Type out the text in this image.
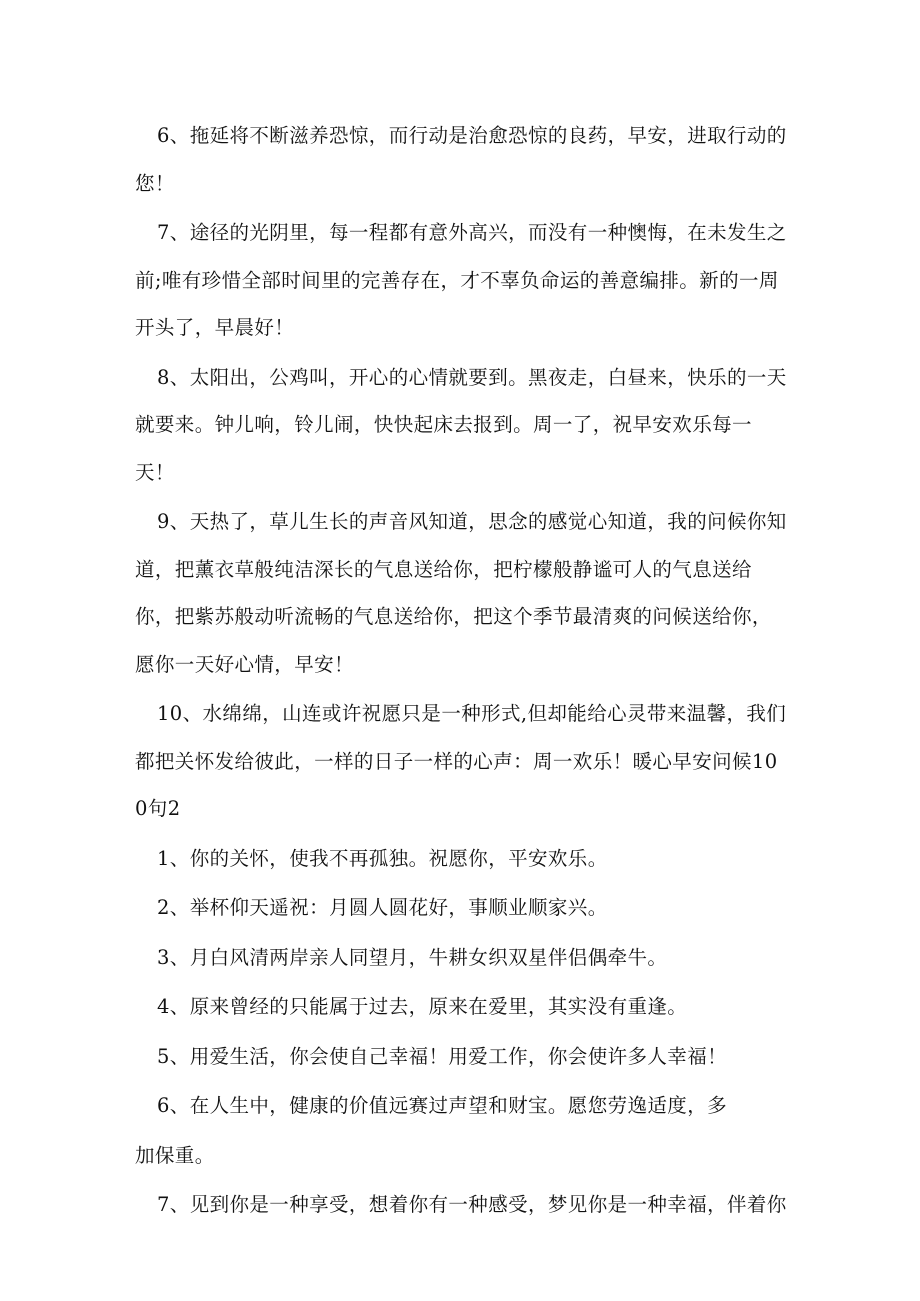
6、拖延将不断滋养恐惊，而行动是治愈恐惊的良药，早安，进取行动的您！

7、途径的光阴里，每一程都有意外高兴，而没有一种懊悔，在未发生之前;唯有珍惜全部时间里的完善存在，才不辜负命运的善意编排。新的一周开头了，早晨好！

8、太阳出，公鸡叫，开心的心情就要到。黑夜走，白昼来，快乐的一天就要来。钟儿响，铃儿闹，快快起床去报到。周一了，祝早安欢乐每一天！

9、天热了，草儿生长的声音风知道，思念的感觉心知道，我的问候你知道，把薰衣草般纯洁深长的气息送给你，把柠檬般静谧可人的气息送给你，把紫苏般动听流畅的气息送给你，把这个季节最清爽的问候送给你，愿你一天好心情，早安！

10、水绵绵，山连或许祝愿只是一种形式,但却能给心灵带来温馨，我们都把关怀发给彼此，一样的日子一样的心声：周一欢乐！暖心早安问候100句2

1、你的关怀，使我不再孤独。祝愿你，平安欢乐。

2、举杯仰天遥祝：月圆人圆花好，事顺业顺家兴。

3、月白风清两岸亲人同望月，牛耕女织双星伴侣偶牵牛。

4、原来曾经的只能属于过去，原来在爱里，其实没有重逢。

5、用爱生活，你会使自己幸福！用爱工作，你会使许多人幸福！

6、在人生中，健康的价值远赛过声望和财宝。愿您劳逸适度，多

加保重。

7、见到你是一种享受，想着你有一种感受，梦见你是一种幸福，伴着你
